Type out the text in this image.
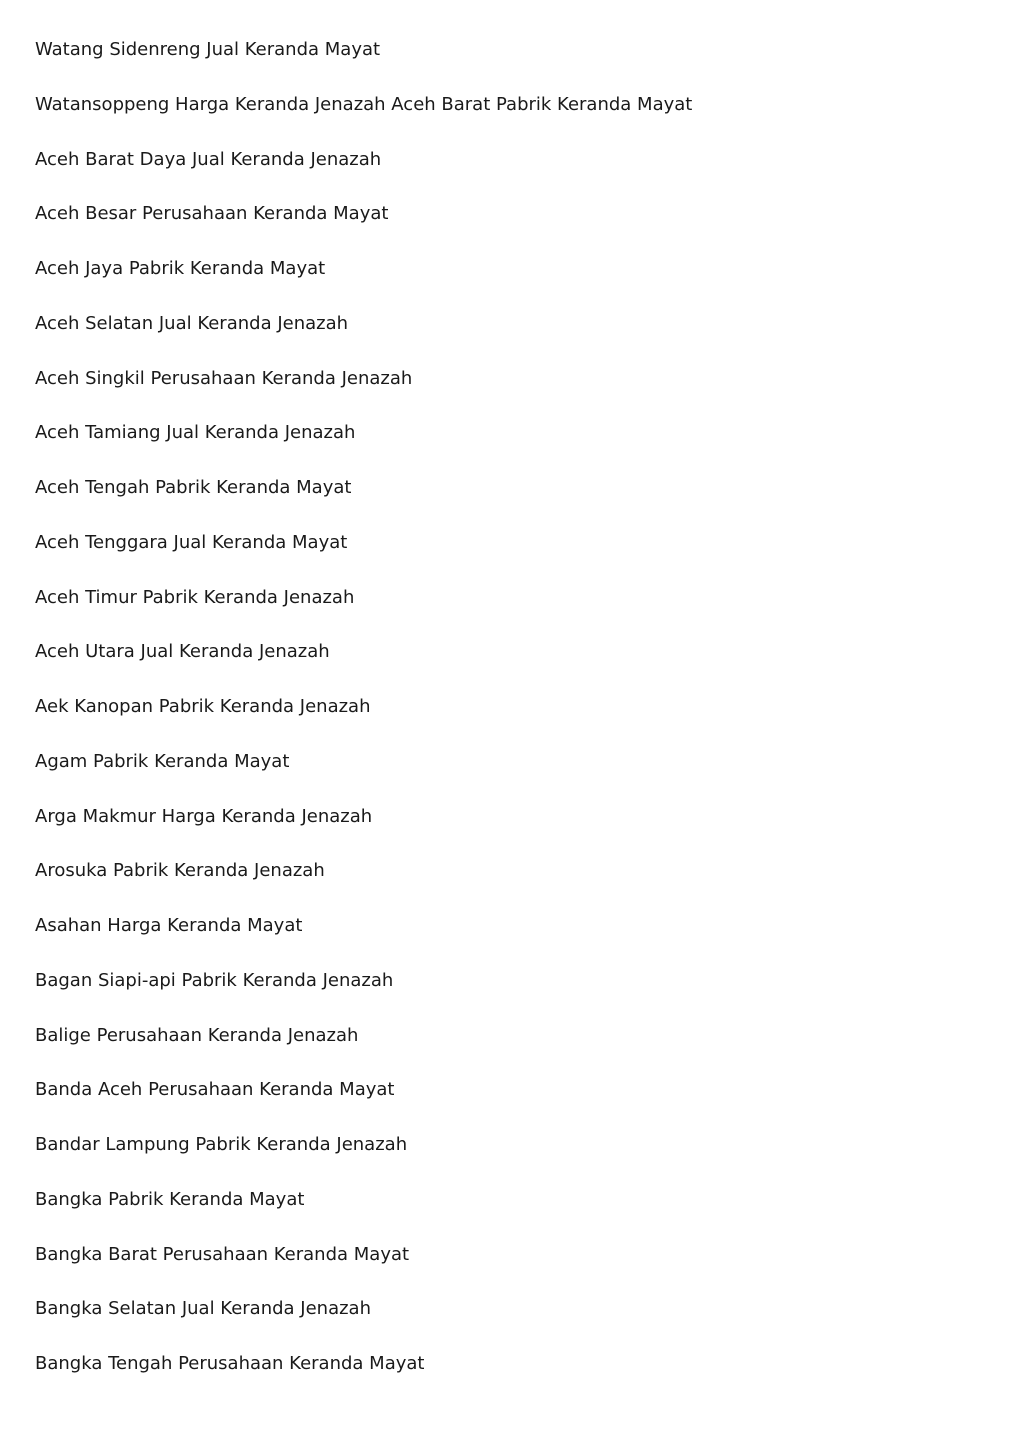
Watang Sidenreng Jual Keranda Mayat
Watansoppeng Harga Keranda Jenazah Aceh Barat Pabrik Keranda Mayat
Aceh Barat Daya Jual Keranda Jenazah
Aceh Besar Perusahaan Keranda Mayat
Aceh Jaya Pabrik Keranda Mayat
Aceh Selatan Jual Keranda Jenazah
Aceh Singkil Perusahaan Keranda Jenazah
Aceh Tamiang Jual Keranda Jenazah
Aceh Tengah Pabrik Keranda Mayat
Aceh Tenggara Jual Keranda Mayat
Aceh Timur Pabrik Keranda Jenazah
Aceh Utara Jual Keranda Jenazah
Aek Kanopan Pabrik Keranda Jenazah
Agam Pabrik Keranda Mayat
Arga Makmur Harga Keranda Jenazah
Arosuka Pabrik Keranda Jenazah
Asahan Harga Keranda Mayat
Bagan Siapi-api Pabrik Keranda Jenazah
Balige Perusahaan Keranda Jenazah
Banda Aceh Perusahaan Keranda Mayat
Bandar Lampung Pabrik Keranda Jenazah
Bangka Pabrik Keranda Mayat
Bangka Barat Perusahaan Keranda Mayat
Bangka Selatan Jual Keranda Jenazah
Bangka Tengah Perusahaan Keranda Mayat
